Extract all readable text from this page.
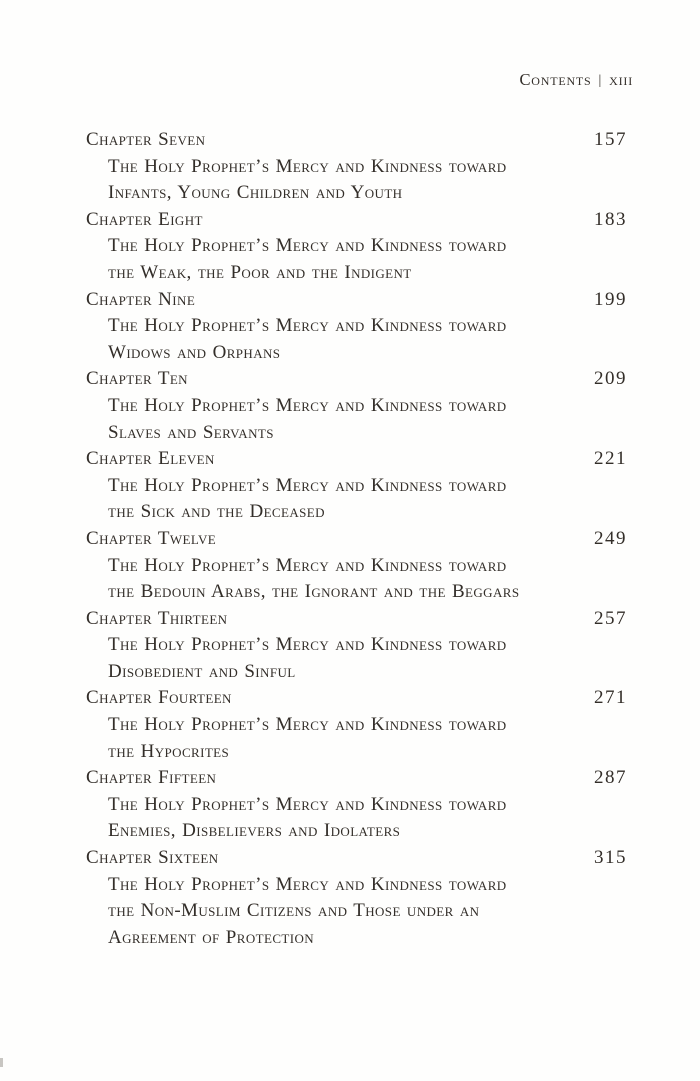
Contents | xiii
Chapter Seven	157
The Holy Prophet’s Mercy and Kindness toward
Infants, Young Children and Youth
Chapter Eight	183
The Holy Prophet’s Mercy and Kindness toward
the Weak, the Poor and the Indigent
Chapter Nine	199
The Holy Prophet’s Mercy and Kindness toward
Widows and Orphans
Chapter Ten	209
The Holy Prophet’s Mercy and Kindness toward
Slaves and Servants
Chapter Eleven	221
The Holy Prophet’s Mercy and Kindness toward
the Sick and the Deceased
Chapter Twelve	249
The Holy Prophet’s Mercy and Kindness toward
the Bedouin Arabs, the Ignorant and the Beggars
Chapter Thirteen	257
The Holy Prophet’s Mercy and Kindness toward
Disobedient and Sinful
Chapter Fourteen	271
The Holy Prophet’s Mercy and Kindness toward
the Hypocrites
Chapter Fifteen	287
The Holy Prophet’s Mercy and Kindness toward
Enemies, Disbelievers and Idolaters
Chapter Sixteen	315
The Holy Prophet’s Mercy and Kindness toward
the Non-Muslim Citizens and Those under an
Agreement of Protection
